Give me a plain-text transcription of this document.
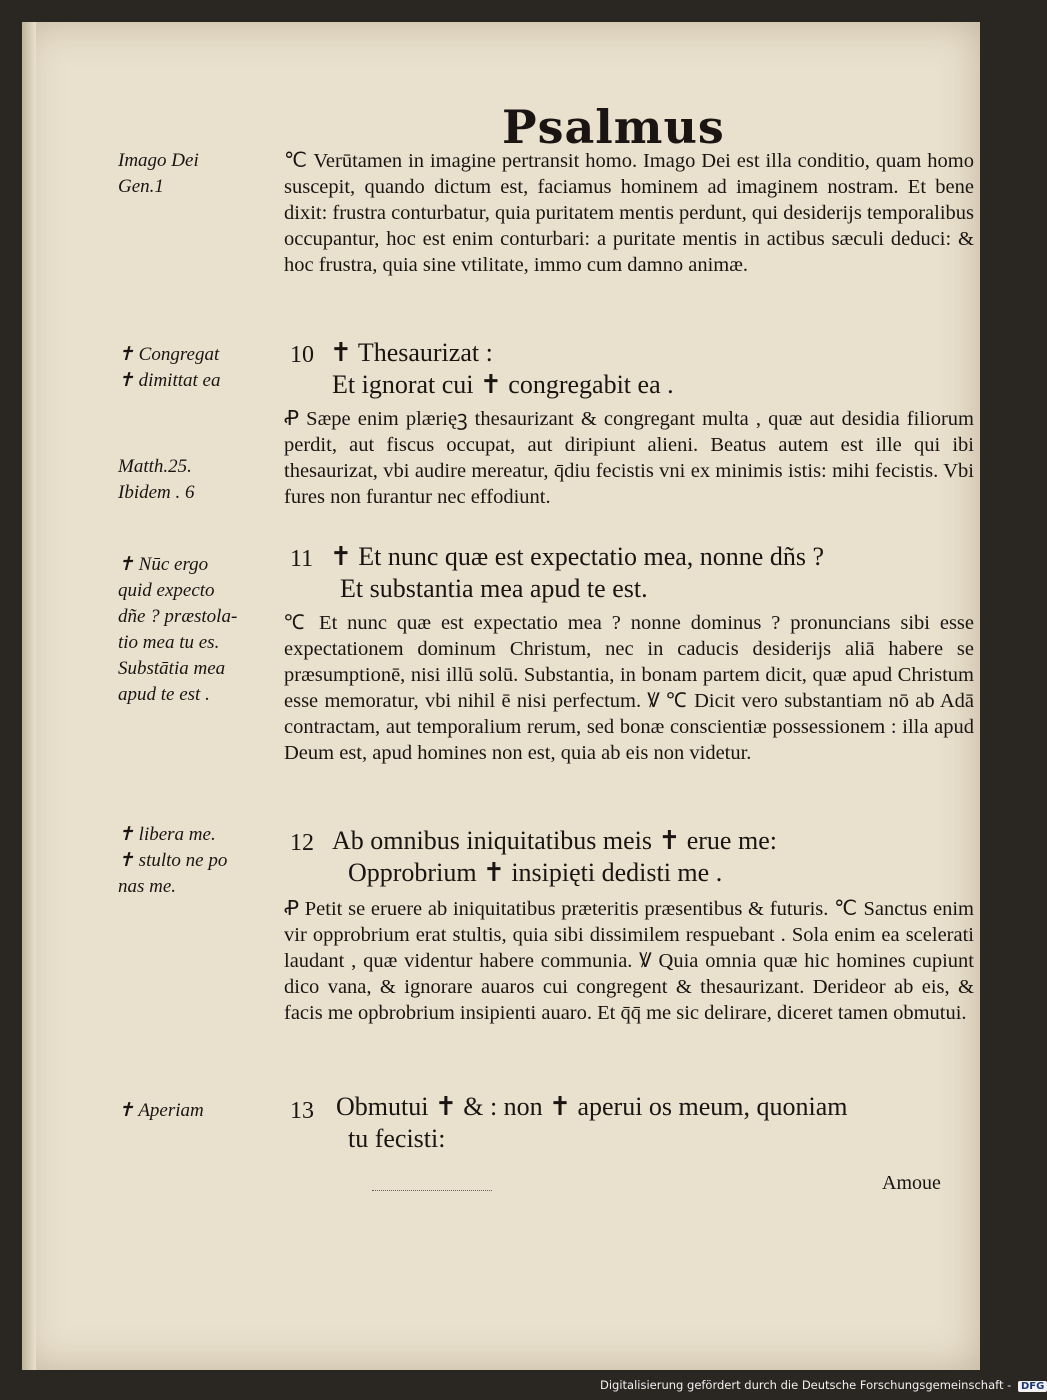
Psalmus
Imago Dei
Gen.1
✝ Congregat
✝ dimittat ea
Matth.25.
Ibidem . 6
✝ Nūc ergo
quid expecto
dñe ? præstola-
tio mea tu es.
Substātia mea
apud te est .
✝ libera me.
✝ stulto ne po
nas me.
✝ Aperiam
℃ Verūtamen in imagine pertransit homo. Imago Dei est illa conditio, quam homo suscepit, quando dictum est, faciamus hominem ad imaginem nostram. Et bene dixit: frustra conturbatur, quia puritatem mentis perdunt, qui desiderijs temporalibus occupantur, hoc est enim conturbari: a puritate mentis in actibus sæculi deduci: & hoc frustra, quia sine vtilitate, immo cum damno animæ.
10 ✝ Thesaurizat :
Et ignorat cui ✝ congregabit ea .
Ꝓ Sæpe enim plærięꝫ thesaurizant & congregant multa , quæ aut desidia filiorum perdit, aut fiscus occupat, aut diripiunt alieni. Beatus autem est ille qui ibi thesaurizat, vbi audire mereatur, q̄diu fecistis vni ex minimis istis: mihi fecistis. Vbi fures non furantur nec effodiunt.
11 ✝ Et nunc quæ est expectatio mea, nonne dñs ?
Et substantia mea apud te est.
℃ Et nunc quæ est expectatio mea ? nonne dominus ? pronuncians sibi esse expectationem dominum Christum, nec in caducis desiderijs aliā habere se præsumptionē, nisi illū solū. Substantia, in bonam partem dicit, quæ apud Christum esse memoratur, vbi nihil ē nisi perfectum. Ꝟ ℃ Dicit vero substantiam nō ab Adā contractam, aut temporalium rerum, sed bonæ conscientiæ possessionem : illa apud Deum est, apud homines non est, quia ab eis non videtur.
12 Ab omnibus iniquitatibus meis ✝ erue me:
Opprobrium ✝ insipięti dedisti me .
Ꝓ Petit se eruere ab iniquitatibus præteritis præsentibus & futuris. ℃ Sanctus enim vir opprobrium erat stultis, quia sibi dissimilem respuebant . Sola enim ea scelerati laudant , quæ videntur habere communia. Ꝟ Quia omnia quæ hic homines cupiunt dico vana, & ignorare auaros cui congregent & thesaurizant. Derideor ab eis, & facis me opbrobrium insipienti auaro. Et q̄q̄ me sic delirare, diceret tamen obmutui.
13 Obmutui ✝ & : non ✝ aperui os meum, quoniam
tu fecisti:
Amoue
Digitalisierung gefördert durch die Deutsche Forschungsgemeinschaft - DFG
